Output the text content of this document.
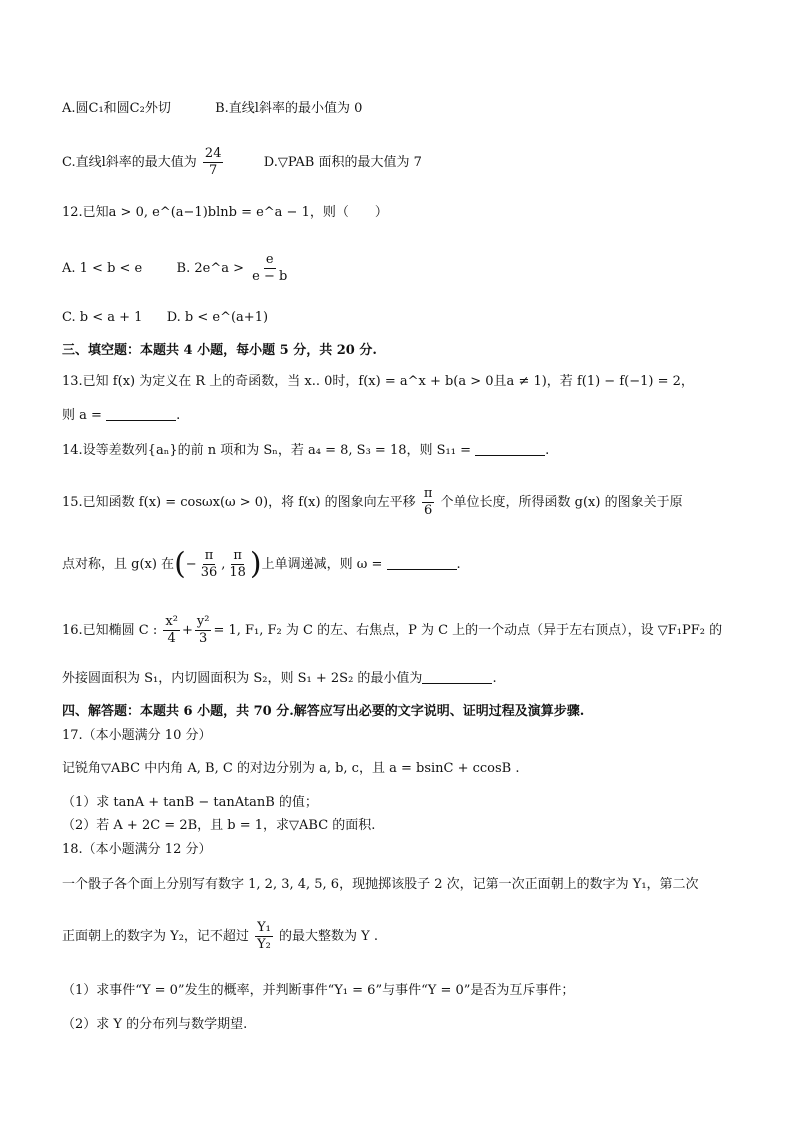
A.圆C₁和圆C₂外切	B.直线l斜率的最小值为 0
C.直线l斜率的最大值为 $\frac{24}{7}$	D.▽PAB 面积的最大值为 7
12.已知a > 0, e^(a−1)blnb = e^a − 1，则（　　）
A. 1 < b < e	B. 2e^a > $\frac{e}{e - b}$
C. b < a + 1 D. b < e^(a+1)
三、填空题：本题共 4 小题，每小题 5 分，共 20 分.
13.已知 f(x) 为定义在 R 上的奇函数，当 x.. 0时，f(x) = a^x + b(a > 0且a ≠ 1)，若 f(1) − f(−1) = 2，
则 a =	.
14.设等差数列{aₙ}的前 n 项和为 Sₙ，若 a₄ = 8, S₃ = 18，则 S₁₁ =	.
15.已知函数 f(x) = cosωx(ω > 0)，将 f(x) 的图象向左平移 $\frac{\pi}{6}$ 个单位长度，所得函数 g(x) 的图象关于原
点对称，且 g(x) 在(− $\frac{\pi}{36}$ , $\frac{\pi}{18}$ )上单调递减，则 ω =	.
16.已知椭圆 C : $\frac{\text{x²}}{4} + \frac{\text{y²}}{3} = 1$, F₁, F₂ 为 C 的左、右焦点，P 为 C 上的一个动点（异于左右顶点），设 ▽F₁PF₂ 的
外接圆面积为 S₁，内切圆面积为 S₂，则 S₁ + 2S₂ 的最小值为	.
四、解答题：本题共 6 小题，共 70 分.解答应写出必要的文字说明、证明过程及演算步骤.
17.（本小题满分 10 分）
记锐角▽ABC 中内角 A, B, C 的对边分别为 a, b, c，且 a = bsinC + ccosB .
（1）求 tanA + tanB − tanAtanB 的值；
（2）若 A + 2C = 2B，且 b = 1，求▽ABC 的面积.
18.（本小题满分 12 分）
一个骰子各个面上分别写有数字 1, 2, 3, 4, 5, 6，现抛掷该股子 2 次，记第一次正面朝上的数字为 Y₁，第二次
正面朝上的数字为 Y₂，记不超过 $\frac{\text{Y₁}}{\text{Y₂}}$ 的最大整数为 Y .
（1）求事件“Y = 0”发生的概率，并判断事件“Y₁ = 6”与事件“Y = 0”是否为互斥事件；
（2）求 Y 的分布列与数学期望.
